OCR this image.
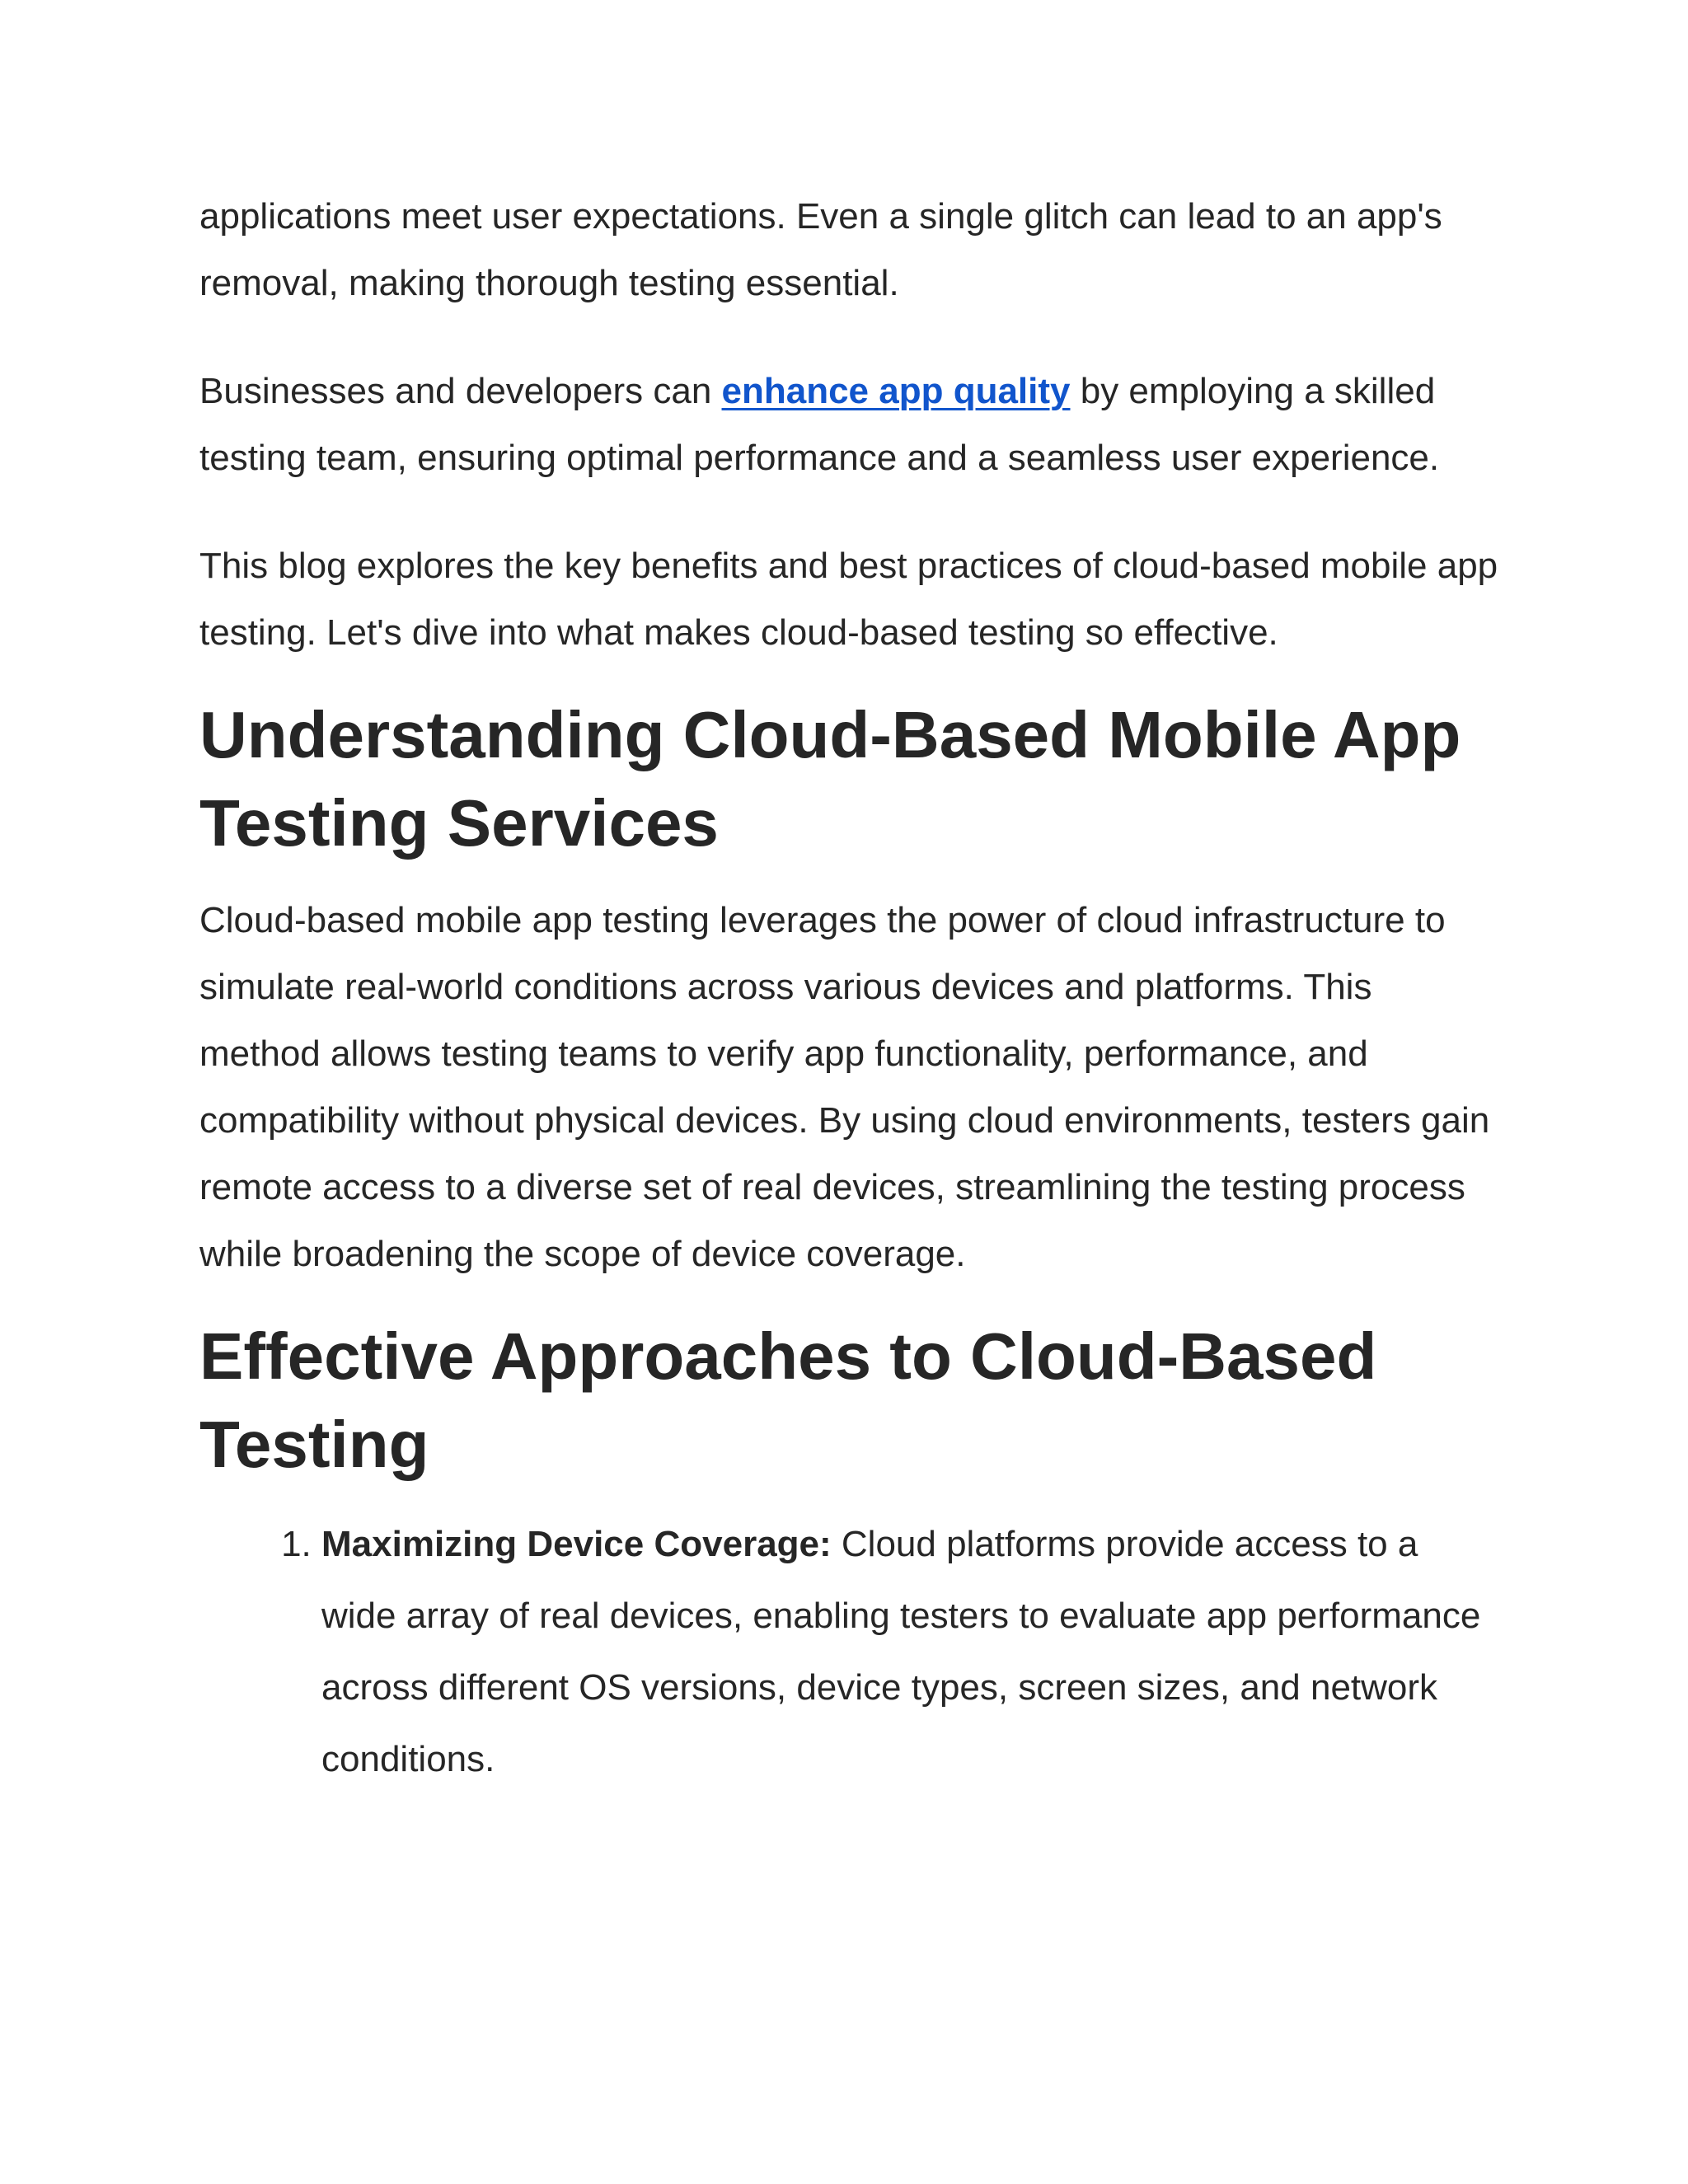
applications meet user expectations. Even a single glitch can lead to an app's removal, making thorough testing essential.

Businesses and developers can enhance app quality by employing a skilled testing team, ensuring optimal performance and a seamless user experience.

This blog explores the key benefits and best practices of cloud-based mobile app testing. Let's dive into what makes cloud-based testing so effective.

Understanding Cloud-Based Mobile App Testing Services

Cloud-based mobile app testing leverages the power of cloud infrastructure to simulate real-world conditions across various devices and platforms. This method allows testing teams to verify app functionality, performance, and compatibility without physical devices. By using cloud environments, testers gain remote access to a diverse set of real devices, streamlining the testing process while broadening the scope of device coverage.

Effective Approaches to Cloud-Based Testing
1. Maximizing Device Coverage: Cloud platforms provide access to a wide array of real devices, enabling testers to evaluate app performance across different OS versions, device types, screen sizes, and network conditions.
